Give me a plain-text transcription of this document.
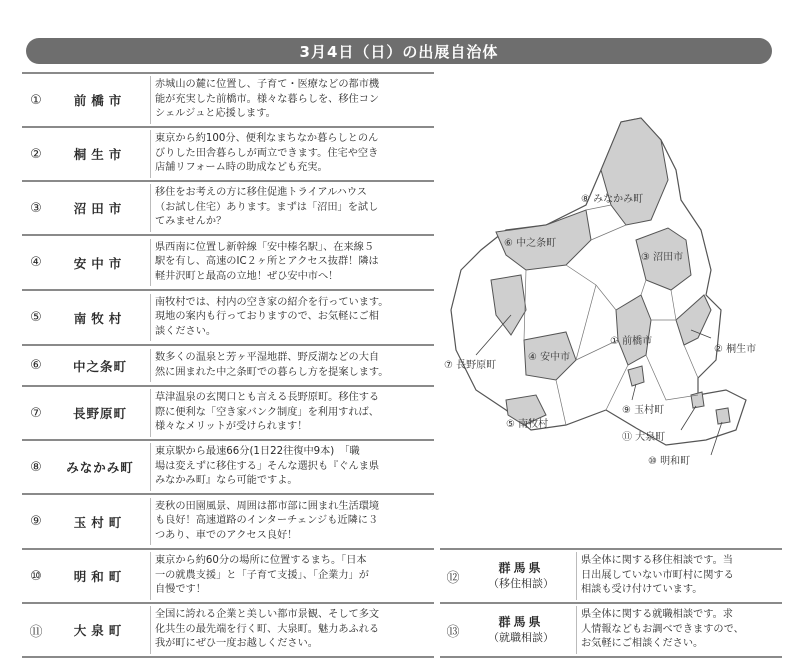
3月4日（日）の出展自治体
①	前橋市
赤城山の麓に位置し、子育て・医療などの都市機
能が充実した前橋市。様々な暮らしを、移住コン
シェルジュと応援します。
②	桐生市
東京から約100分、便利なまちなか暮らしとのん
びりした田舎暮らしが両立できます。住宅や空き
店舗リフォーム時の助成なども充実。
③	沼田市
移住をお考えの方に移住促進トライアルハウス
（お試し住宅）あります。まずは「沼田」を試し
てみませんか？
④	安中市
県西南に位置し新幹線「安中榛名駅」、在来線５
駅を有し、高速のIC２ヶ所とアクセス抜群！隣は
軽井沢町と最高の立地！ぜひ安中市へ！
⑤	南牧村
南牧村では、村内の空き家の紹介を行っています。
現地の案内も行っておりますので、お気軽にご相
談ください。
⑥	中之条町
数多くの温泉と芳ヶ平湿地群、野反湖などの大自
然に囲まれた中之条町での暮らし方を提案します。
⑦	長野原町
草津温泉の玄関口とも言える長野原町。移住する
際に便利な「空き家バンク制度」を利用すれば、
様々なメリットが受けられます！
⑧	みなかみ町
東京駅から最速66分(1日22往復中9本)　「職
場は変えずに移住する」そんな選択も『ぐんま県
みなかみ町』なら可能ですよ。
⑨	玉村町
麦秋の田園風景、周囲は都市部に囲まれ生活環境
も良好！高速道路のインターチェンジも近隣に３
つあり、車でのアクセス良好！
⑩	明和町
東京から約60分の場所に位置するまち。「日本
一の就農支援」と「子育て支援」、「企業力」が
自慢です！
⑪	大泉町
全国に誇れる企業と美しい都市景観、そして多文
化共生の最先端を行く町、大泉町。魅力あふれる
我が町にぜひ一度お越しください。
⑫
群馬県
（移住相談）
県全体に関する移住相談です。当
日出展していない市町村に関する
相談も受け付けています。
⑬
群馬県
（就職相談）
県全体に関する就職相談です。求
人情報などもお調べできますので、
お気軽にご相談ください。
⑧ みなかみ町
⑥ 中之条町
③ 沼田市
① 前橋市
② 桐生市
⑦ 長野原町
④ 安中市
⑨ 玉村町
⑤ 南牧村
⑪ 大泉町
⑩ 明和町
